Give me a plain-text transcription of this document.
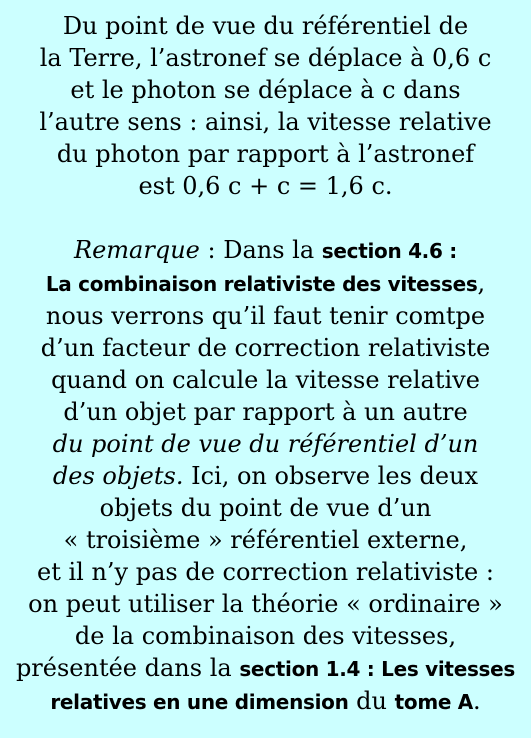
Du point de vue du référentiel de
la Terre, l’astronef se déplace à 0,6 c
et le photon se déplace à c dans
l’autre sens : ainsi, la vitesse relative
du photon par rapport à l’astronef
est 0,6 c + c = 1,6 c.
Remarque : Dans la section 4.6 :
La combinaison relativiste des vitesses,
nous verrons qu’il faut tenir comtpe
d’un facteur de correction relativiste
quand on calcule la vitesse relative
d’un objet par rapport à un autre
du point de vue du référentiel d’un
des objets. Ici, on observe les deux
objets du point de vue d’un
« troisième » référentiel externe,
et il n’y pas de correction relativiste :
on peut utiliser la théorie « ordinaire »
de la combinaison des vitesses,
présentée dans la section 1.4 : Les vitesses
relatives en une dimension du tome A.
